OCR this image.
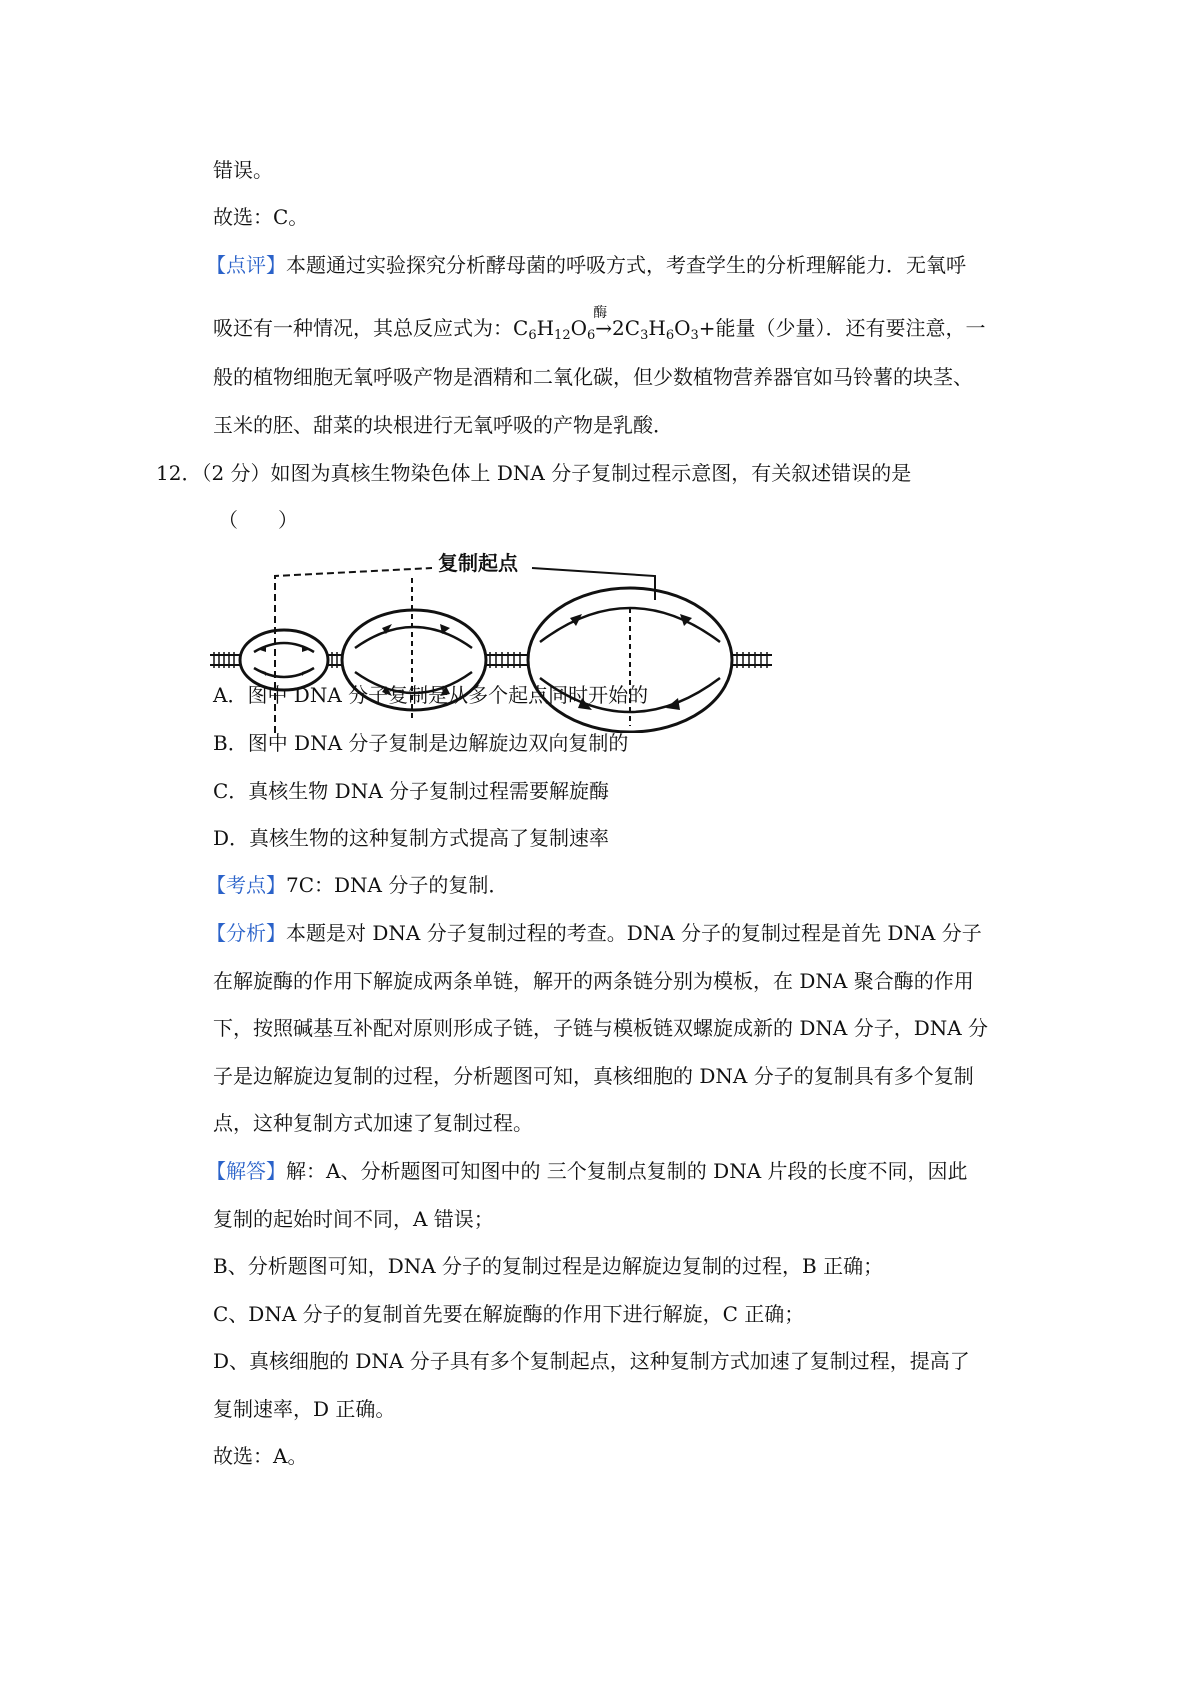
错误。
故选：C。
【点评】本题通过实验探究分析酵母菌的呼吸方式，考查学生的分析理解能力．无氧呼
吸还有一种情况，其总反应式为：$C_6H_{12}O_6\to$
酶
$2C_3H_6O_3+$能量（少量）．还有要注意，一
般的植物细胞无氧呼吸产物是酒精和二氧化碳，但少数植物营养器官如马铃薯的块茎、
玉米的胚、甜菜的块根进行无氧呼吸的产物是乳酸．
12．（2 分）如图为真核生物染色体上 DNA 分子复制过程示意图，有关叙述错误的是
（　　）
复制起点
A．图中 DNA 分子复制是从多个起点同时开始的
B．图中 DNA 分子复制是边解旋边双向复制的
C．真核生物 DNA 分子复制过程需要解旋酶
D．真核生物的这种复制方式提高了复制速率
【考点】7C：DNA 分子的复制．
【分析】本题是对 DNA 分子复制过程的考查。DNA 分子的复制过程是首先 DNA 分子
在解旋酶的作用下解旋成两条单链，解开的两条链分别为模板，在 DNA 聚合酶的作用
下，按照碱基互补配对原则形成子链，子链与模板链双螺旋成新的 DNA 分子，DNA 分
子是边解旋边复制的过程，分析题图可知，真核细胞的 DNA 分子的复制具有多个复制
点，这种复制方式加速了复制过程。
【解答】解：A、分析题图可知图中的 三个复制点复制的 DNA 片段的长度不同，因此
复制的起始时间不同，A 错误；
B、分析题图可知，DNA 分子的复制过程是边解旋边复制的过程，B 正确；
C、DNA 分子的复制首先要在解旋酶的作用下进行解旋，C 正确；
D、真核细胞的 DNA 分子具有多个复制起点，这种复制方式加速了复制过程，提高了
复制速率，D 正确。
故选：A。
